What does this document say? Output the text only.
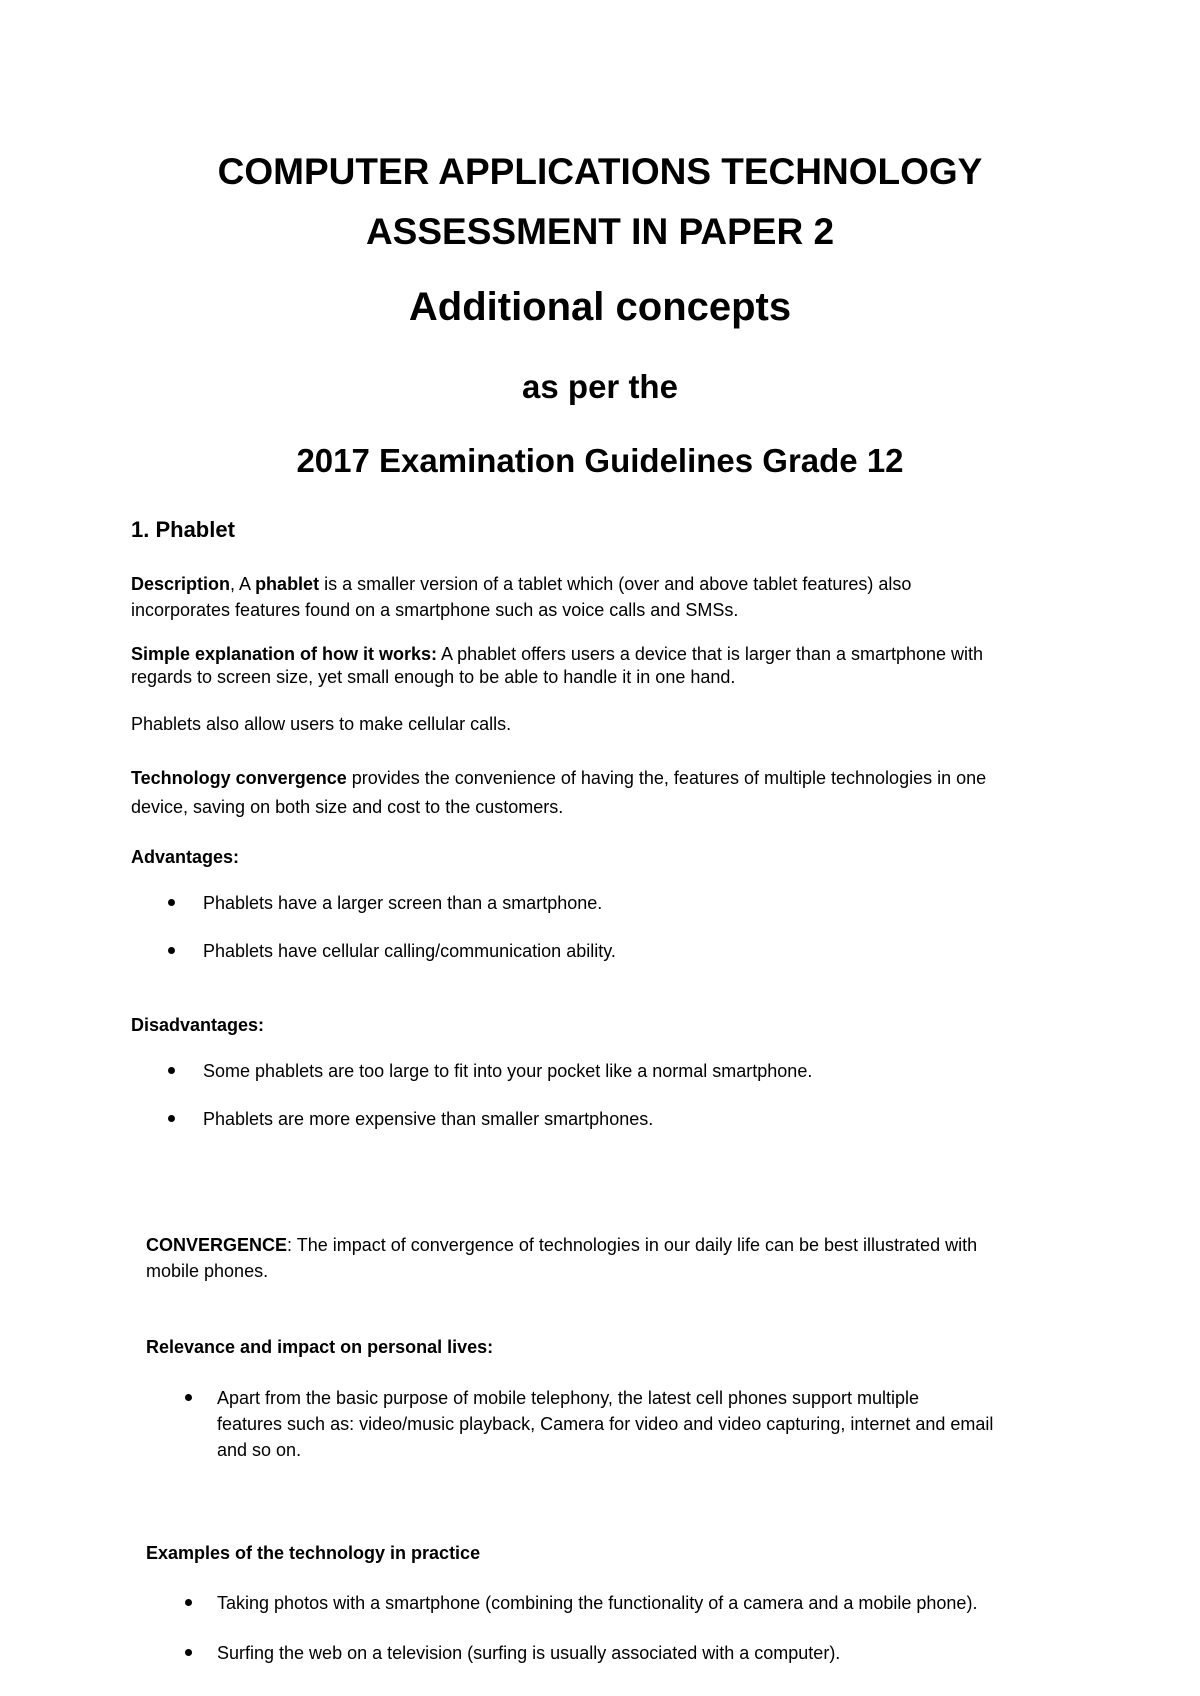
COMPUTER APPLICATIONS TECHNOLOGY
ASSESSMENT IN PAPER 2
Additional concepts
as per the
2017 Examination Guidelines Grade 12
1. Phablet
Description, A phablet is a smaller version of a tablet which (over and above tablet features) also
incorporates features found on a smartphone such as voice calls and SMSs.
Simple explanation of how it works: A phablet offers users a device that is larger than a smartphone with
regards to screen size, yet small enough to be able to handle it in one hand.
Phablets also allow users to make cellular calls.
Technology convergence provides the convenience of having the, features of multiple technologies in one
device, saving on both size and cost to the customers.
Advantages:
Phablets have a larger screen than a smartphone.
Phablets have cellular calling/communication ability.
Disadvantages:
Some phablets are too large to fit into your pocket like a normal smartphone.
Phablets are more expensive than smaller smartphones.
CONVERGENCE: The impact of convergence of technologies in our daily life can be best illustrated with
mobile phones.
Relevance and impact on personal lives:
Apart from the basic purpose of mobile telephony, the latest cell phones support multiple
features such as: video/music playback, Camera for video and video capturing, internet and email
and so on.
Examples of the technology in practice
Taking photos with a smartphone (combining the functionality of a camera and a mobile phone).
Surfing the web on a television (surfing is usually associated with a computer).
